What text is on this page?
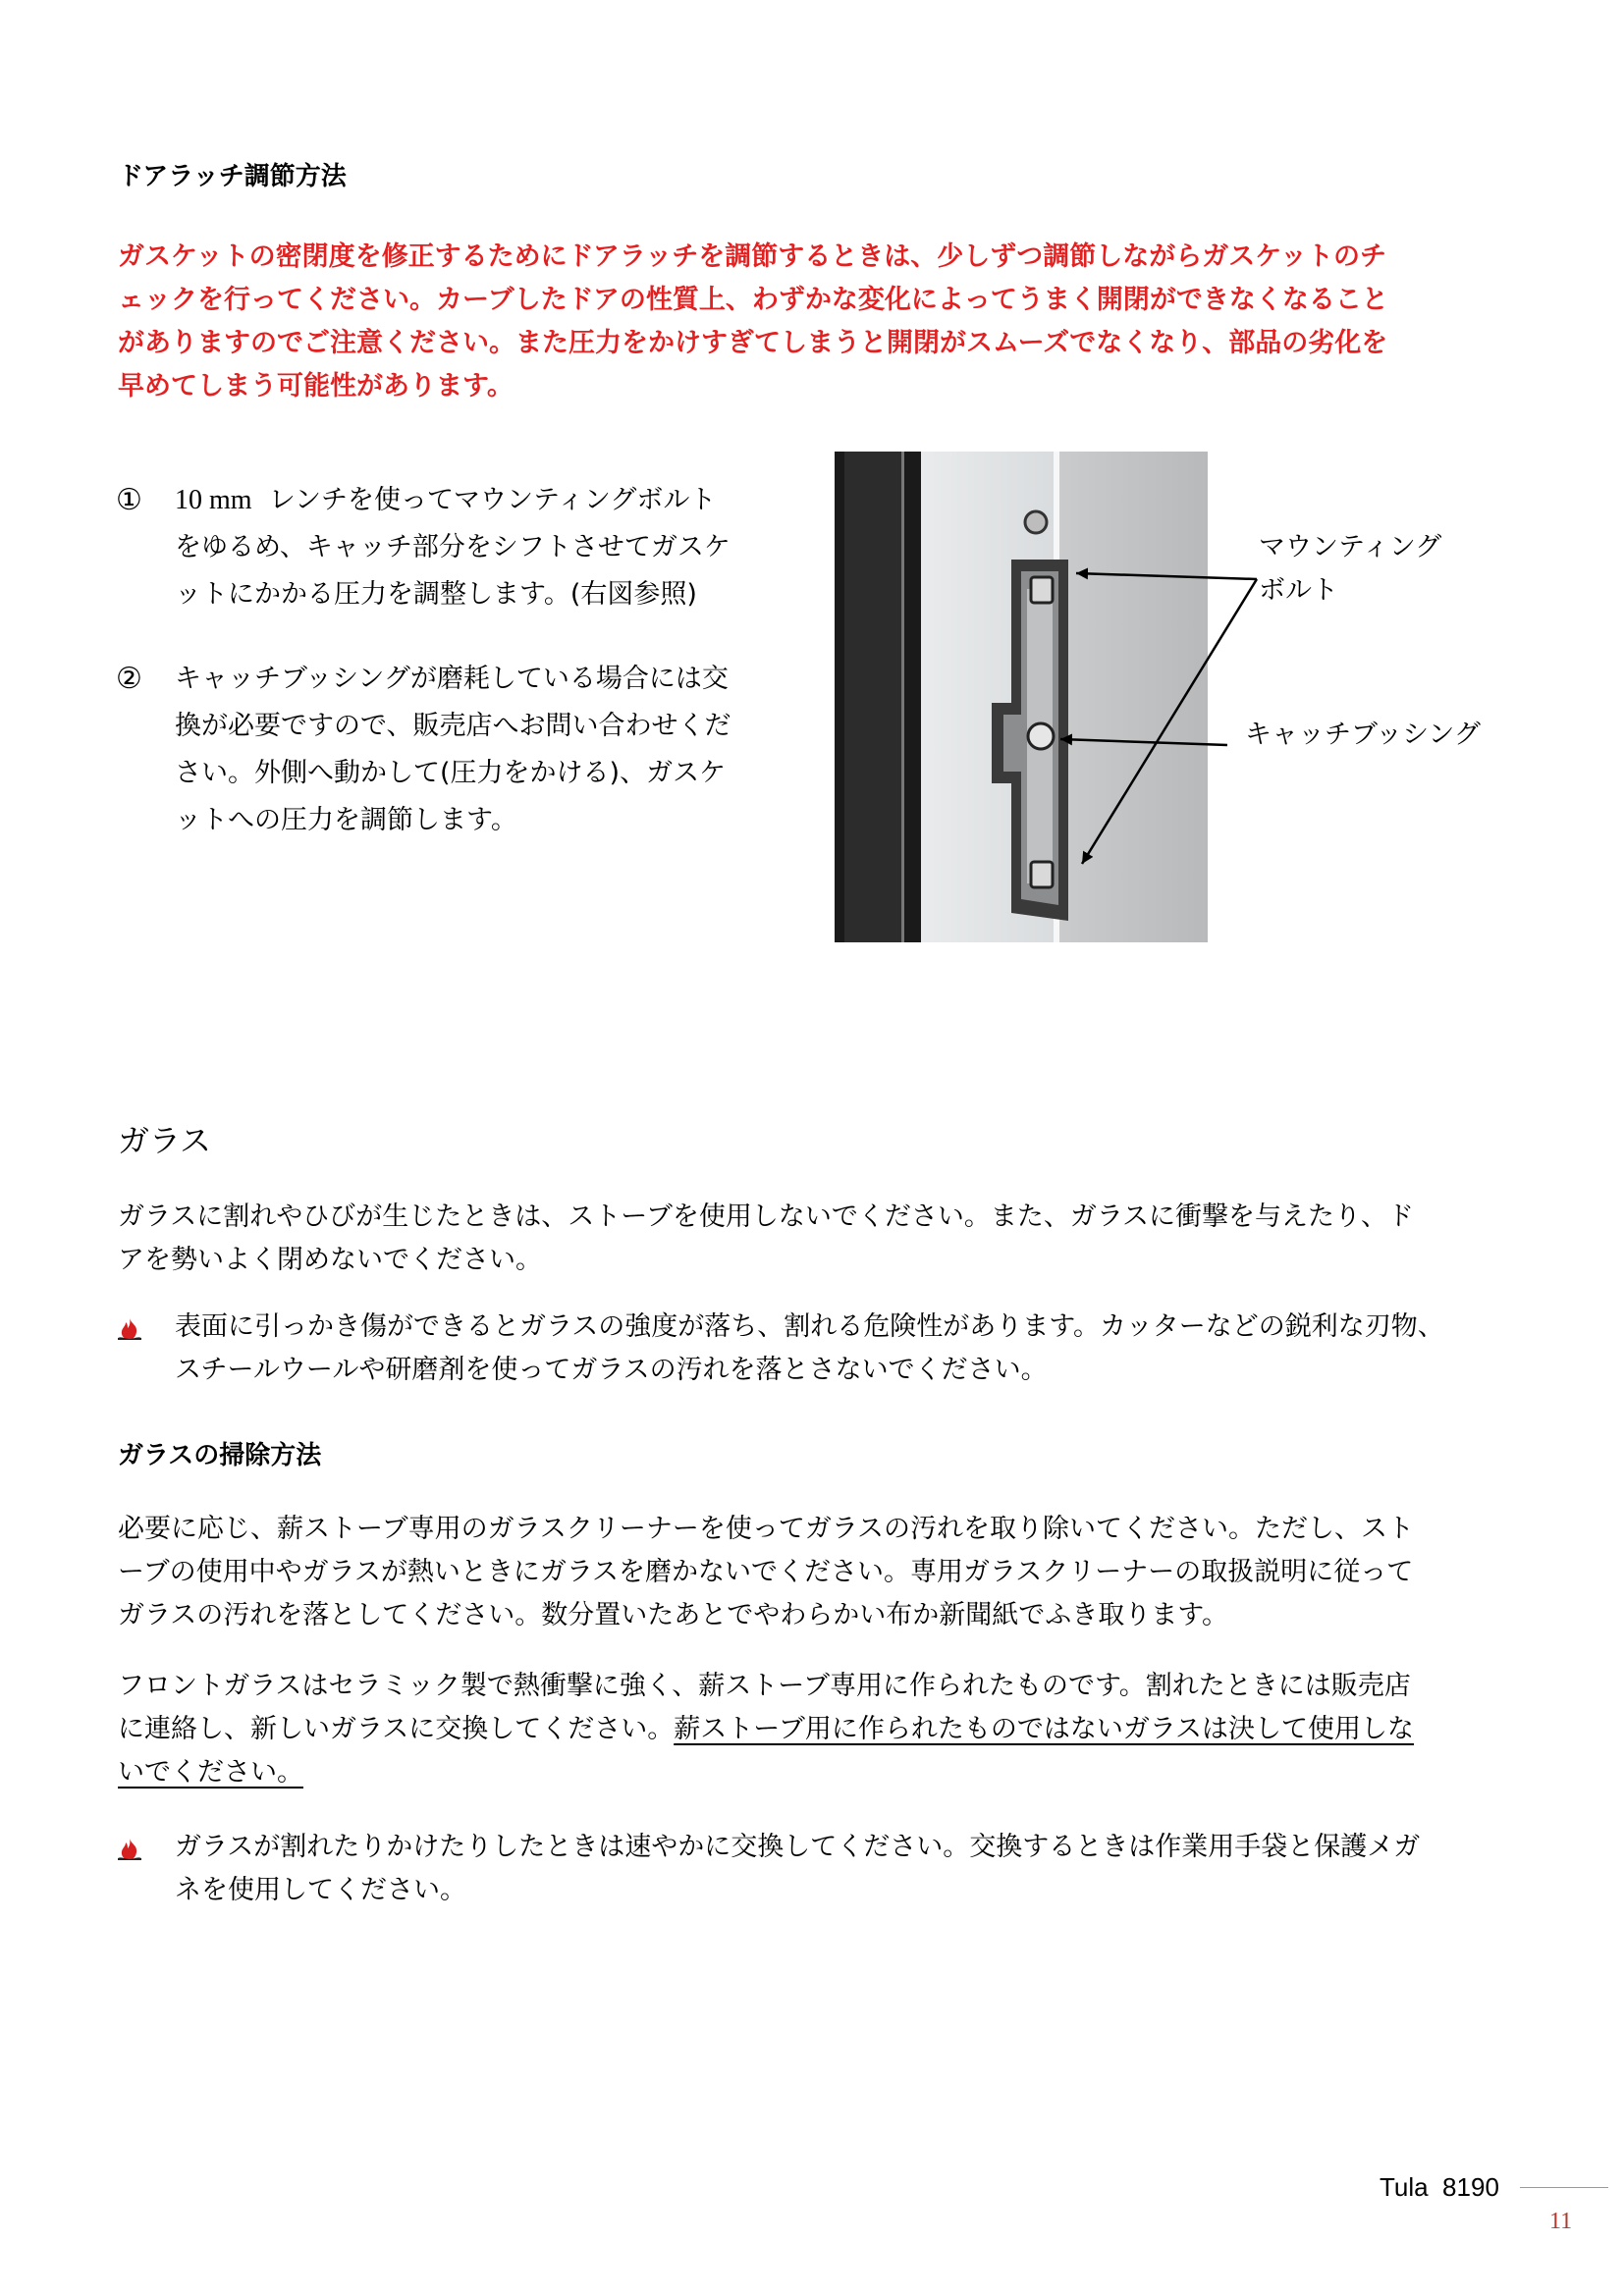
ドアラッチ調節方法
ガスケットの密閉度を修正するためにドアラッチを調節するときは、少しずつ調節しながらガスケットのチ
ェックを行ってください。カーブしたドアの性質上、わずかな変化によってうまく開閉ができなくなること
がありますのでご注意ください。また圧力をかけすぎてしまうと開閉がスムーズでなくなり、部品の劣化を
早めてしまう可能性があります。
① 10 mm レンチを使ってマウンティングボルト
をゆるめ、キャッチ部分をシフトさせてガスケ
ットにかかる圧力を調整します。(右図参照)
② キャッチブッシングが磨耗している場合には交
換が必要ですので、販売店へお問い合わせくだ
さい。外側へ動かして(圧力をかける)、ガスケ
ットへの圧力を調節します。
マウンティング
ボルト
キャッチブッシング
ガラス
ガラスに割れやひびが生じたときは、ストーブを使用しないでください。また、ガラスに衝撃を与えたり、ド
アを勢いよく閉めないでください。
表面に引っかき傷ができるとガラスの強度が落ち、割れる危険性があります。カッターなどの鋭利な刃物、
スチールウールや研磨剤を使ってガラスの汚れを落とさないでください。
ガラスの掃除方法
必要に応じ、薪ストーブ専用のガラスクリーナーを使ってガラスの汚れを取り除いてください。ただし、スト
ーブの使用中やガラスが熱いときにガラスを磨かないでください。専用ガラスクリーナーの取扱説明に従って
ガラスの汚れを落としてください。数分置いたあとでやわらかい布か新聞紙でふき取ります。
フロントガラスはセラミック製で熱衝撃に強く、薪ストーブ専用に作られたものです。割れたときには販売店
に連絡し、新しいガラスに交換してください。薪ストーブ用に作られたものではないガラスは決して使用しな
いでください。
ガラスが割れたりかけたりしたときは速やかに交換してください。交換するときは作業用手袋と保護メガ
ネを使用してください。
Tula  8190
11
